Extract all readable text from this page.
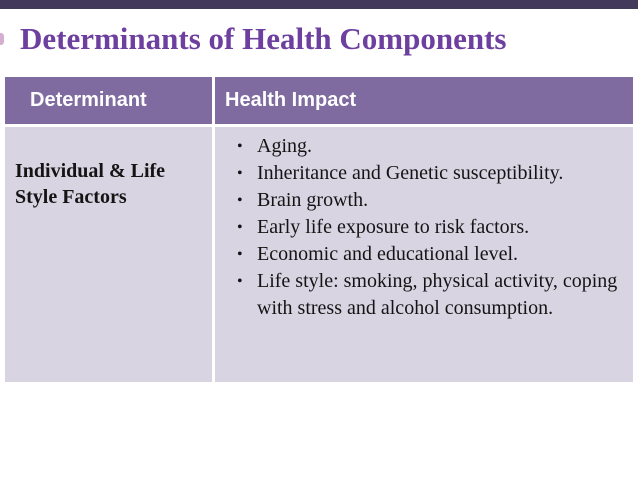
Determinants of Health Components
Determinant	Health Impact
Individual & Life Style Factors
• Aging.
• Inheritance and Genetic susceptibility.
• Brain growth.
• Early life exposure to risk factors.
• Economic and educational level.
• Life style: smoking, physical activity, coping with stress and alcohol consumption.
